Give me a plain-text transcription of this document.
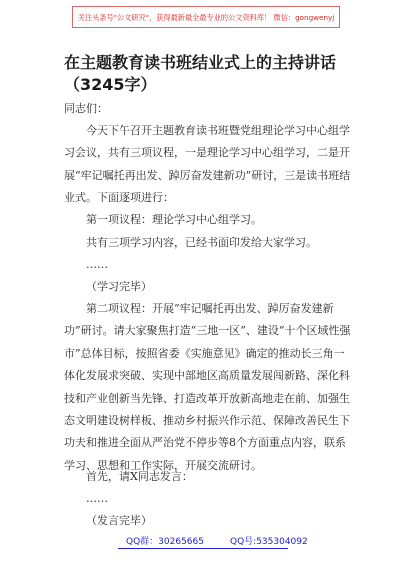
关注头条号"公文研究"，获得最新最全最专业的公文资料库！ 微信：gongwenyj
在主题教育读书班结业式上的主持讲话（3245字）
同志们：
今天下午召开主题教育读书班暨党组理论学习中心组学习会议，共有三项议程，一是理论学习中心组学习，二是开展“牢记嘱托再出发、踔厉奋发建新功”研讨，三是读书班结业式。下面逐项进行：
第一项议程：理论学习中心组学习。
共有三项学习内容，已经书面印发给大家学习。
……
（学习完毕）
第二项议程：开展“牢记嘱托再出发、踔厉奋发建新功”研讨。请大家聚焦打造“三地一区”、建设“十个区域性强市”总体目标，按照省委《实施意见》确定的推动长三角一体化发展求突破、实现中部地区高质量发展闯新路、深化科技和产业创新当先锋、打造改革开放新高地走在前、加强生态文明建设树样板、推动乡村振兴作示范、保障改善民生下功夫和推进全面从严治党不停步等8个方面重点内容，联系学习、思想和工作实际，开展交流研讨。
首先，请X同志发言：
……
（发言完毕）
QQ群：30265665	QQ号:535304092
